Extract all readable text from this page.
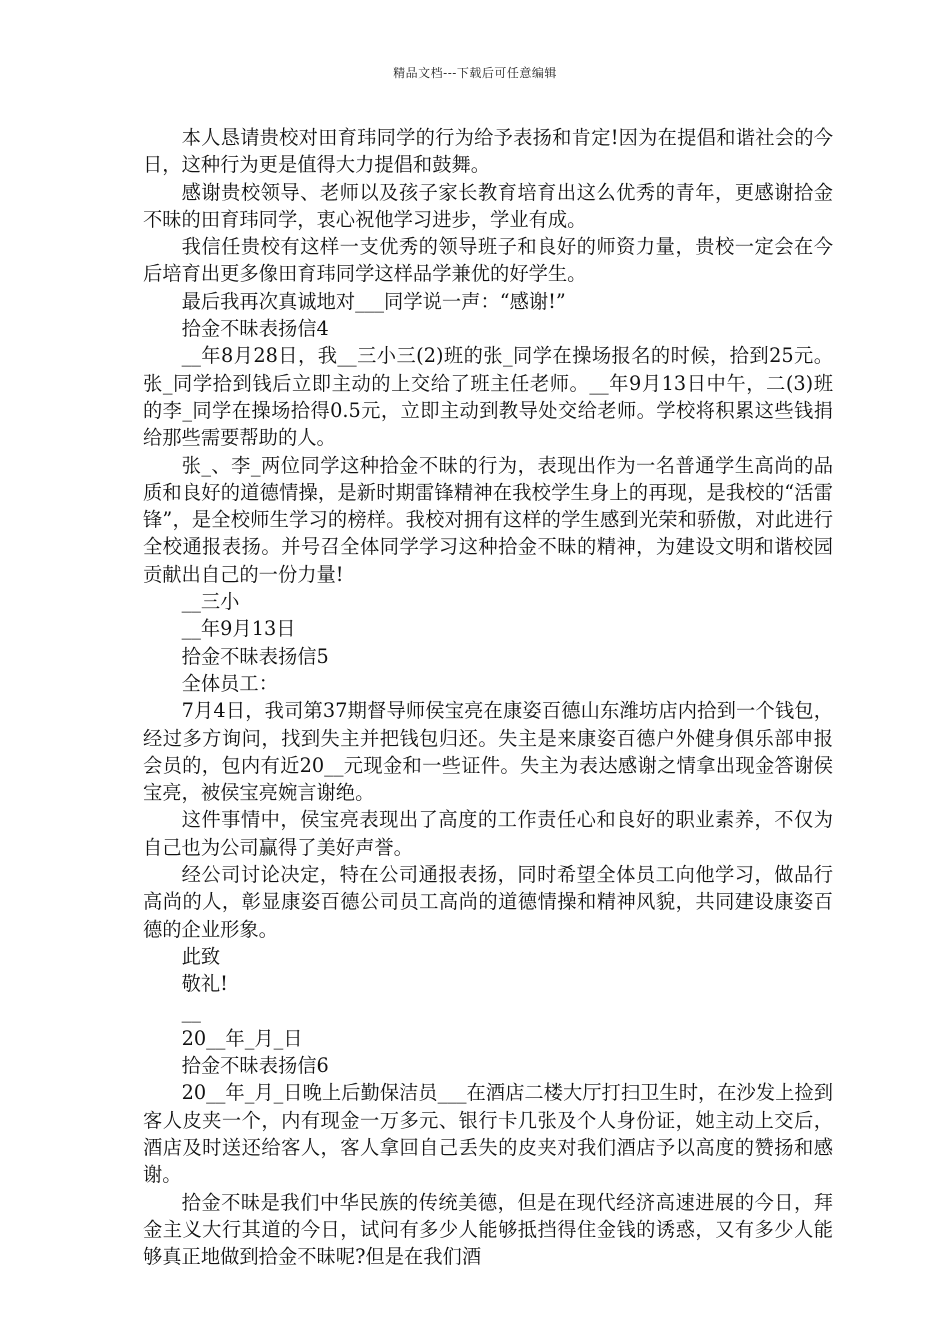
精品文档---下载后可任意编辑

本人恳请贵校对田育玮同学的行为给予表扬和肯定!因为在提倡和谐社会的今日，这种行为更是值得大力提倡和鼓舞。

感谢贵校领导、老师以及孩子家长教育培育出这么优秀的青年，更感谢拾金不昧的田育玮同学，衷心祝他学习进步，学业有成。

我信任贵校有这样一支优秀的领导班子和良好的师资力量，贵校一定会在今后培育出更多像田育玮同学这样品学兼优的好学生。

最后我再次真诚地对___同学说一声：“感谢!”

拾金不昧表扬信4

__年8月28日，我__三小三(2)班的张_同学在操场报名的时候，拾到25元。张_同学拾到钱后立即主动的上交给了班主任老师。__年9月13日中午，二(3)班的李_同学在操场拾得0.5元，立即主动到教导处交给老师。学校将积累这些钱捐给那些需要帮助的人。

张_、李_两位同学这种拾金不昧的行为，表现出作为一名普通学生高尚的品质和良好的道德情操，是新时期雷锋精神在我校学生身上的再现，是我校的“活雷锋”，是全校师生学习的榜样。我校对拥有这样的学生感到光荣和骄傲，对此进行全校通报表扬。并号召全体同学学习这种拾金不昧的精神，为建设文明和谐校园贡献出自己的一份力量!

__三小

__年9月13日

拾金不昧表扬信5

全体员工：

7月4日，我司第37期督导师侯宝亮在康姿百德山东潍坊店内拾到一个钱包，经过多方询问，找到失主并把钱包归还。失主是来康姿百德户外健身俱乐部申报会员的，包内有近20__元现金和一些证件。失主为表达感谢之情拿出现金答谢侯宝亮，被侯宝亮婉言谢绝。

这件事情中，侯宝亮表现出了高度的工作责任心和良好的职业素养，不仅为自己也为公司赢得了美好声誉。

经公司讨论决定，特在公司通报表扬，同时希望全体员工向他学习，做品行高尚的人，彰显康姿百德公司员工高尚的道德情操和精神风貌，共同建设康姿百德的企业形象。

此致

敬礼!

__

20__年_月_日

拾金不昧表扬信6

20__年_月_日晚上后勤保洁员___在酒店二楼大厅打扫卫生时，在沙发上捡到客人皮夹一个，内有现金一万多元、银行卡几张及个人身份证，她主动上交后，酒店及时送还给客人，客人拿回自己丢失的皮夹对我们酒店予以高度的赞扬和感谢。

拾金不昧是我们中华民族的传统美德，但是在现代经济高速进展的今日，拜金主义大行其道的今日，试问有多少人能够抵挡得住金钱的诱惑，又有多少人能够真正地做到拾金不昧呢?但是在我们酒
